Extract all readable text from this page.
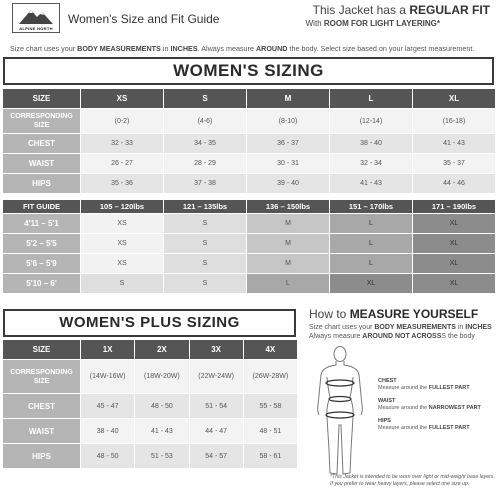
ALPINE NORTH
Women's Size and Fit Guide
This Jacket has a REGULAR FIT
With ROOM FOR LIGHT LAYERING*
Size chart uses your BODY MEASUREMENTS in INCHES. Always measure AROUND the body. Select size based on your largest measurement.
WOMEN'S SIZING
SIZE	XS	S	M	L	XL
CORRESPONDING SIZE	(0-2)	(4-6)	(8-10)	(12-14)	(16-18)
CHEST	32 - 33	34 - 35	36 - 37	38 - 40	41 - 43
WAIST	26 - 27	28 - 29	30 - 31	32 - 34	35 - 37
HIPS	35 - 36	37 - 38	39 - 40	41 - 43	44 - 46
FIT GUIDE	105 – 120lbs	121 – 135lbs	136 – 150lbs	151 – 170lbs	171 – 190lbs
4'11 – 5'1	XS	S	M	L	XL
5'2 – 5'5	XS	S	M	L	XL
5'6 – 5'9	XS	S	M	L	XL
5'10 – 6'	S	S	L	XL	XL
WOMEN'S PLUS SIZING
SIZE	1X	2X	3X	4X
CORRESPONDING SIZE	(14W-16W)	(18W-20W)	(22W-24W)	(26W-28W)
CHEST	45 - 47	48 - 50	51 - 54	55 - 58
WAIST	38 - 40	41 - 43	44 - 47	48 - 51
HIPS	48 - 50	51 - 53	54 - 57	58 - 61
How to MEASURE YOURSELF
Size chart uses your BODY MEASUREMENTS in INCHES
Always measure AROUND NOT ACROSSS the body
CHEST
Measure around the FULLEST PART
WAIST
Measure around the NARROWEST PART
HIPS
Measure around the FULLEST PART
*This Jacket is intended to be worn over light or mid-weight base layers.
If you prefer to wear heavy layers, please select one size up.
